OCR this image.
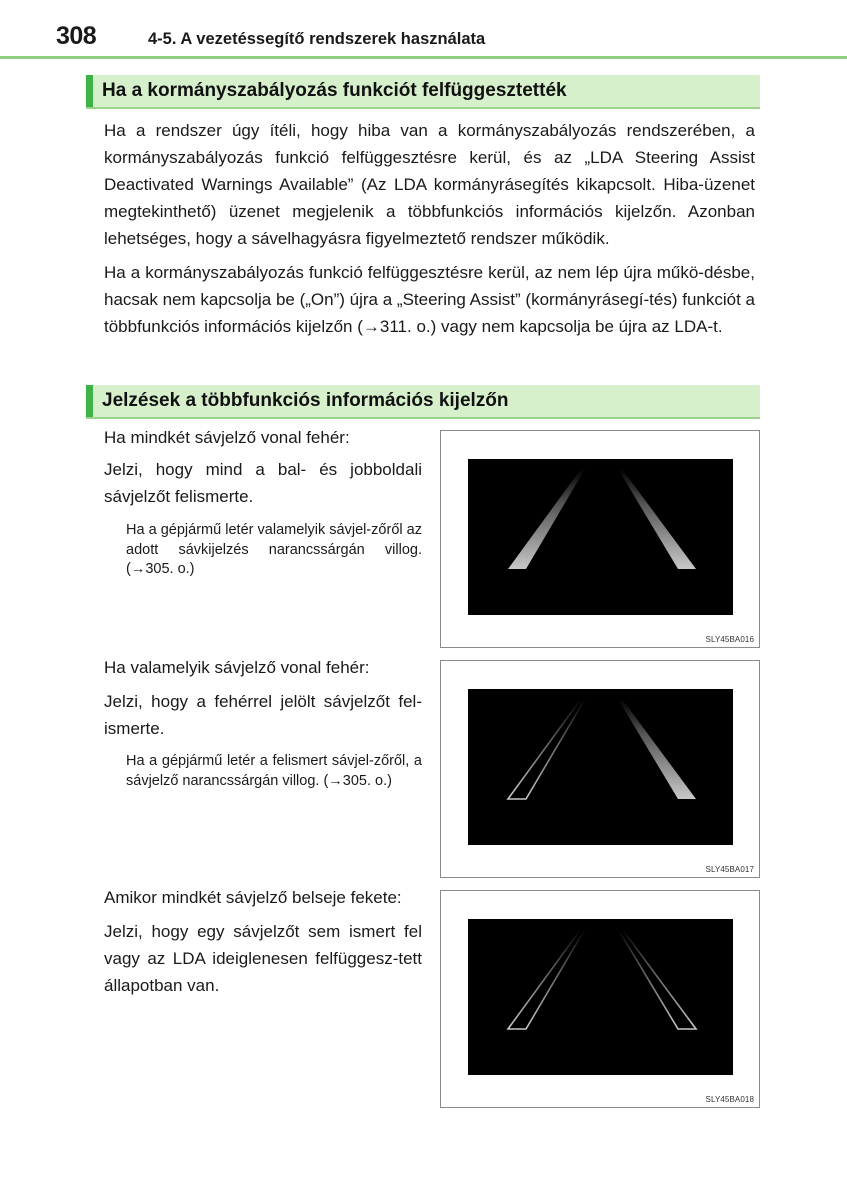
308	4-5. A vezetéssegítő rendszerek használata
Ha a kormányszabályozás funkciót felfüggesztették

Ha a rendszer úgy ítéli, hogy hiba van a kormányszabályozás rendszerében, a kormányszabályozás funkció felfüggesztésre kerül, és az „LDA Steering Assist Deactivated Warnings Available” (Az LDA kormányrásegítés kikapcsolt. Hiba-üzenet megtekinthető) üzenet megjelenik a többfunkciós információs kijelzőn. Azonban lehetséges, hogy a sávelhagyásra figyelmeztető rendszer működik.

Ha a kormányszabályozás funkció felfüggesztésre kerül, az nem lép újra műkö-désbe, hacsak nem kapcsolja be („On”) újra a „Steering Assist” (kormányrásegí-tés) funkciót a többfunkciós információs kijelzőn (→311. o.) vagy nem kapcsolja be újra az LDA-t.

Jelzések a többfunkciós információs kijelzőn

Ha mindkét sávjelző vonal fehér:

Jelzi, hogy mind a bal- és jobboldali sávjelzőt felismerte.

Ha a gépjármű letér valamelyik sávjel-zőről az adott sávkijelzés narancssárgán villog. (→305. o.)

SLY45BA016

Ha valamelyik sávjelző vonal fehér:

Jelzi, hogy a fehérrel jelölt sávjelzőt fel-ismerte.

Ha a gépjármű letér a felismert sávjel-zőről, a sávjelző narancssárgán villog. (→305. o.)

SLY45BA017

Amikor mindkét sávjelző belseje fekete:

Jelzi, hogy egy sávjelzőt sem ismert fel vagy az LDA ideiglenesen felfüggesz-tett állapotban van.

SLY45BA018
